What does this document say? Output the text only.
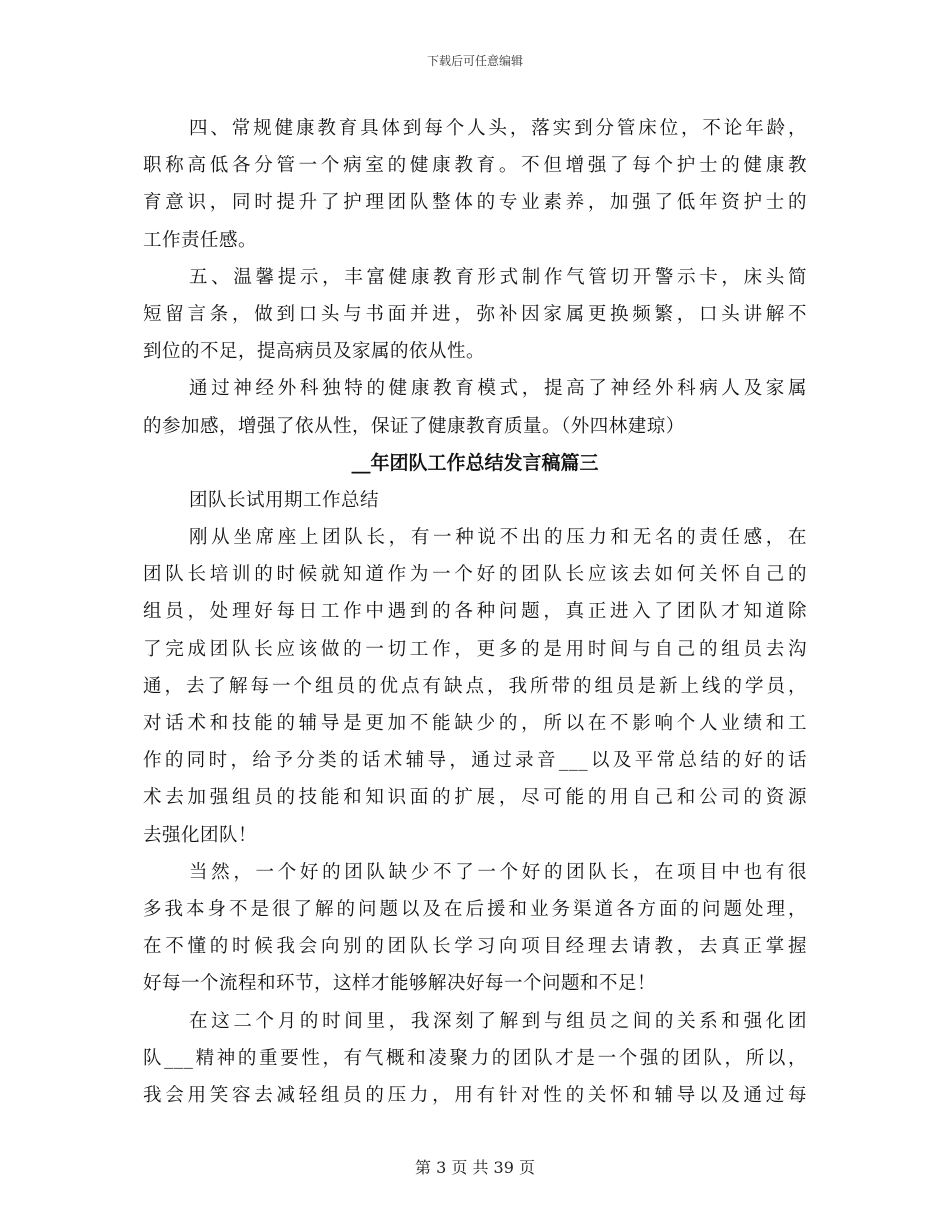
下载后可任意编辑
四、常规健康教育具体到每个人头，落实到分管床位，不论年龄，
职称高低各分管一个病室的健康教育。不但增强了每个护士的健康教
育意识，同时提升了护理团队整体的专业素养，加强了低年资护士的
工作责任感。
五、温馨提示，丰富健康教育形式制作气管切开警示卡，床头简
短留言条，做到口头与书面并进，弥补因家属更换频繁，口头讲解不
到位的不足，提高病员及家属的依从性。
通过神经外科独特的健康教育模式，提高了神经外科病人及家属
的参加感，增强了依从性，保证了健康教育质量。（外四林建琼）
__年团队工作总结发言稿篇三
团队长试用期工作总结
刚从坐席座上团队长，有一种说不出的压力和无名的责任感，在
团队长培训的时候就知道作为一个好的团队长应该去如何关怀自己的
组员，处理好每日工作中遇到的各种问题，真正进入了团队才知道除
了完成团队长应该做的一切工作，更多的是用时间与自己的组员去沟
通，去了解每一个组员的优点有缺点，我所带的组员是新上线的学员，
对话术和技能的辅导是更加不能缺少的，所以在不影响个人业绩和工
作的同时，给予分类的话术辅导，通过录音___以及平常总结的好的话
术去加强组员的技能和知识面的扩展，尽可能的用自己和公司的资源
去强化团队！
当然，一个好的团队缺少不了一个好的团队长，在项目中也有很
多我本身不是很了解的问题以及在后援和业务渠道各方面的问题处理，
在不懂的时候我会向别的团队长学习向项目经理去请教，去真正掌握
好每一个流程和环节，这样才能够解决好每一个问题和不足！
在这二个月的时间里，我深刻了解到与组员之间的关系和强化团
队___精神的重要性，有气概和凌聚力的团队才是一个强的团队，所以，
我会用笑容去减轻组员的压力，用有针对性的关怀和辅导以及通过每
第 3 页 共 39 页
